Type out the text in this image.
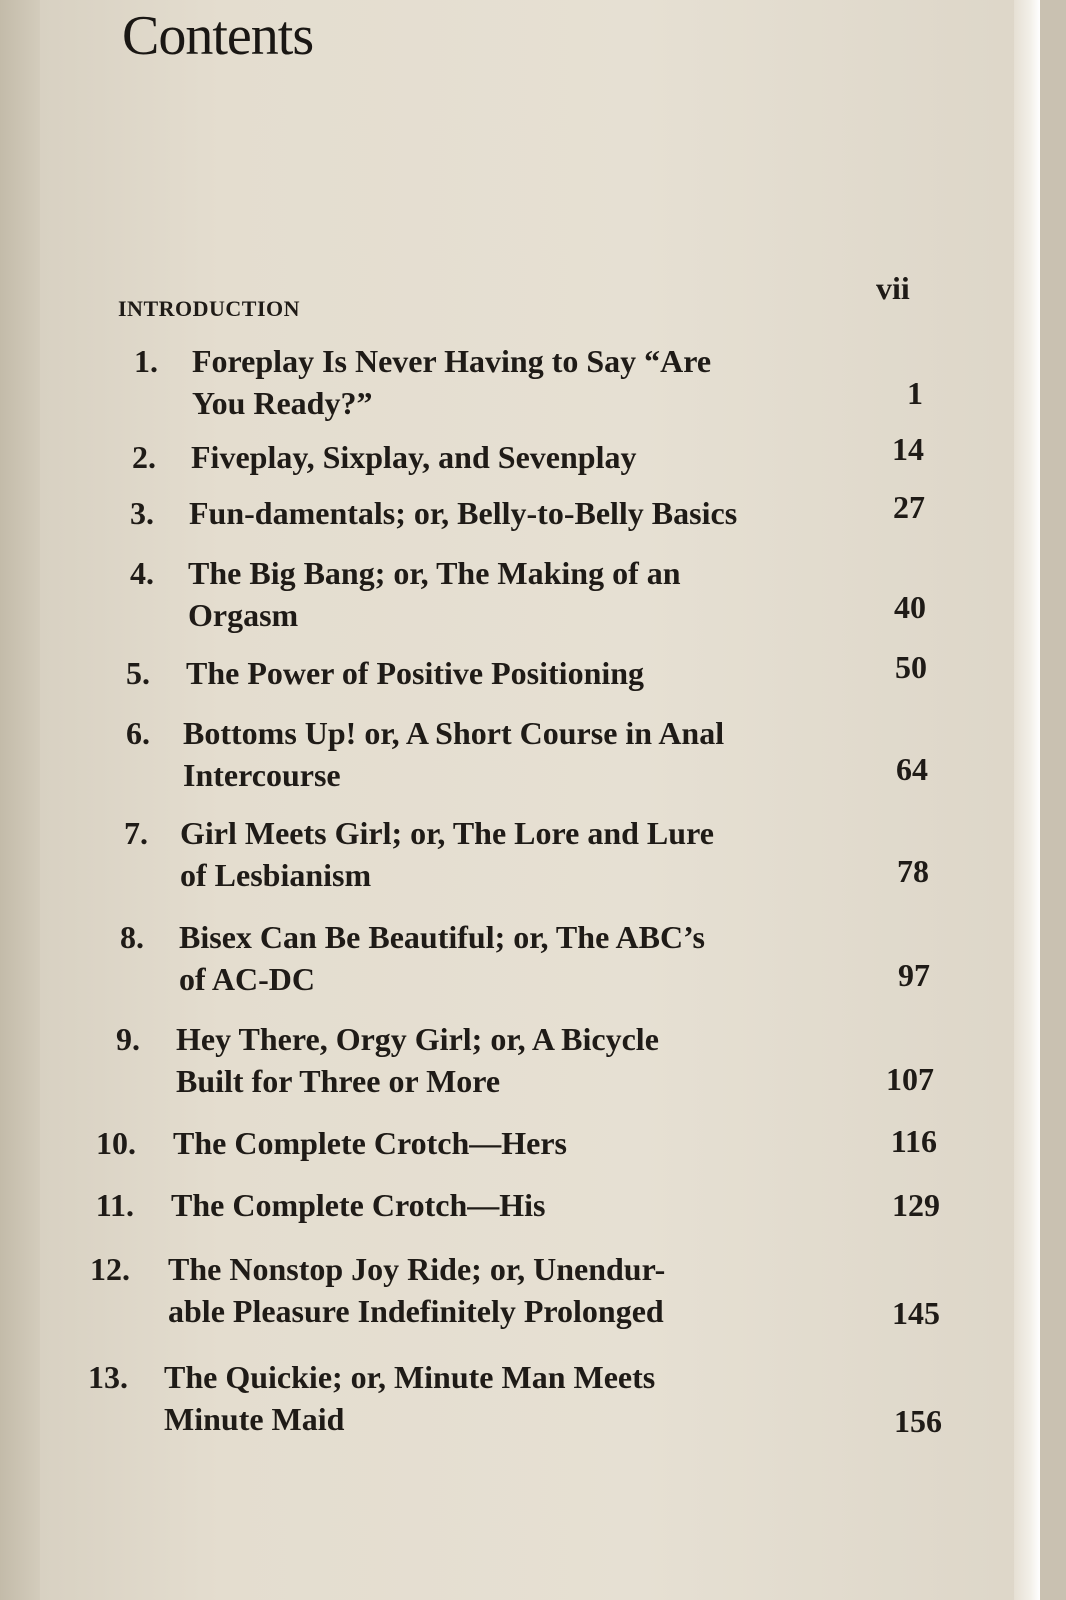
Contents
INTRODUCTION
vii
1. Foreplay Is Never Having to Say “Are
You Ready?”	1
2. Fiveplay, Sixplay, and Sevenplay	14
3. Fun-damentals; or, Belly-to-Belly Basics	27
4. The Big Bang; or, The Making of an
Orgasm	40
5. The Power of Positive Positioning	50
6. Bottoms Up! or, A Short Course in Anal
Intercourse	64
7. Girl Meets Girl; or, The Lore and Lure
of Lesbianism	78
8. Bisex Can Be Beautiful; or, The ABC’s
of AC-DC	97
9. Hey There, Orgy Girl; or, A Bicycle
Built for Three or More	107
10. The Complete Crotch—Hers	116
11. The Complete Crotch—His	129
12. The Nonstop Joy Ride; or, Unendur-
able Pleasure Indefinitely Prolonged	145
13. The Quickie; or, Minute Man Meets
Minute Maid	156
